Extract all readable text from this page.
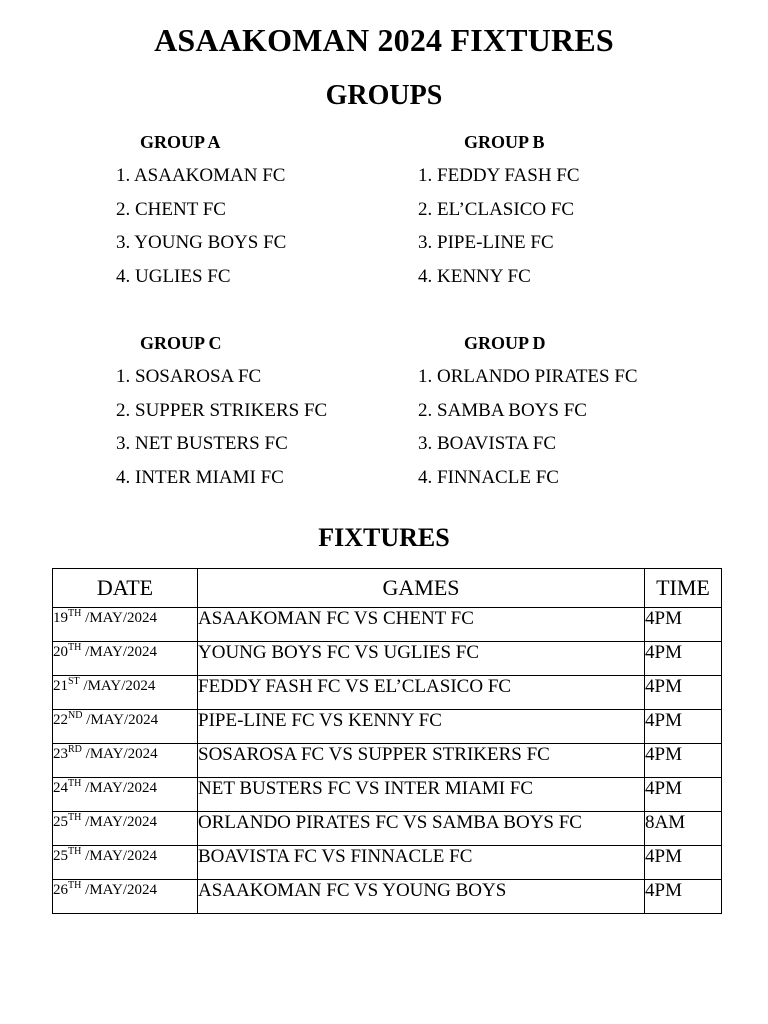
ASAAKOMAN 2024 FIXTURES
GROUPS
GROUP A
1. ASAAKOMAN FC
2. CHENT FC
3. YOUNG BOYS FC
4. UGLIES FC
GROUP B
1. FEDDY FASH FC
2. EL’CLASICO FC
3. PIPE-LINE FC
4. KENNY FC
GROUP C
1. SOSAROSA FC
2. SUPPER STRIKERS FC
3. NET BUSTERS FC
4. INTER MIAMI FC
GROUP D
1. ORLANDO PIRATES FC
2. SAMBA BOYS FC
3. BOAVISTA FC
4. FINNACLE FC
FIXTURES
DATE	GAMES	TIME
19TH /MAY/2024	ASAAKOMAN FC VS CHENT FC	4PM
20TH /MAY/2024	YOUNG BOYS FC VS UGLIES FC	4PM
21ST /MAY/2024	FEDDY FASH FC VS EL’CLASICO FC	4PM
22ND /MAY/2024	PIPE-LINE FC VS KENNY FC	4PM
23RD /MAY/2024	SOSAROSA FC VS SUPPER STRIKERS FC	4PM
24TH /MAY/2024	NET BUSTERS FC VS INTER MIAMI FC	4PM
25TH /MAY/2024	ORLANDO PIRATES FC VS SAMBA BOYS FC	8AM
25TH /MAY/2024	BOAVISTA FC VS FINNACLE FC	4PM
26TH /MAY/2024	ASAAKOMAN FC VS YOUNG BOYS	4PM
